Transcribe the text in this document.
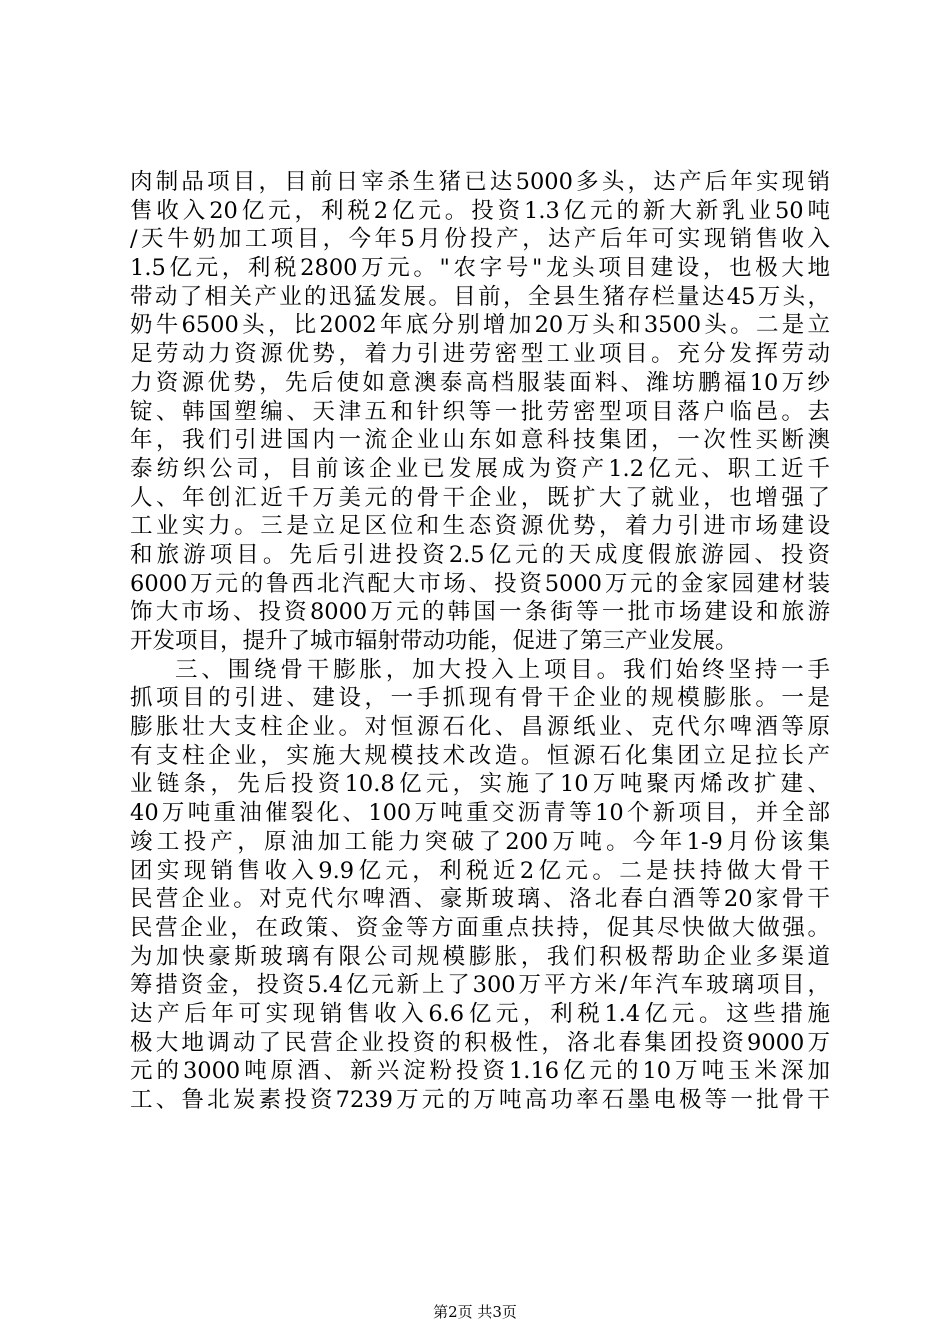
肉制品项目，目前日宰杀生猪已达5000多头，达产后年实现销
售收入20亿元，利税2亿元。投资1.3亿元的新大新乳业50吨
/天牛奶加工项目，今年5月份投产，达产后年可实现销售收入
1.5亿元，利税2800万元。"农字号"龙头项目建设，也极大地
带动了相关产业的迅猛发展。目前，全县生猪存栏量达45万头，
奶牛6500头，比2002年底分别增加20万头和3500头。二是立
足劳动力资源优势，着力引进劳密型工业项目。充分发挥劳动
力资源优势，先后使如意澳泰高档服装面料、潍坊鹏福10万纱
锭、韩国塑编、天津五和针织等一批劳密型项目落户临邑。去
年，我们引进国内一流企业山东如意科技集团，一次性买断澳
泰纺织公司，目前该企业已发展成为资产1.2亿元、职工近千
人、年创汇近千万美元的骨干企业，既扩大了就业，也增强了
工业实力。三是立足区位和生态资源优势，着力引进市场建设
和旅游项目。先后引进投资2.5亿元的天成度假旅游园、投资
6000万元的鲁西北汽配大市场、投资5000万元的金家园建材装
饰大市场、投资8000万元的韩国一条街等一批市场建设和旅游
开发项目，提升了城市辐射带动功能，促进了第三产业发展。
三、围绕骨干膨胀，加大投入上项目。我们始终坚持一手
抓项目的引进、建设，一手抓现有骨干企业的规模膨胀。一是
膨胀壮大支柱企业。对恒源石化、昌源纸业、克代尔啤酒等原
有支柱企业，实施大规模技术改造。恒源石化集团立足拉长产
业链条，先后投资10.8亿元，实施了10万吨聚丙烯改扩建、
40万吨重油催裂化、100万吨重交沥青等10个新项目，并全部
竣工投产，原油加工能力突破了200万吨。今年1-9月份该集
团实现销售收入9.9亿元，利税近2亿元。二是扶持做大骨干
民营企业。对克代尔啤酒、豪斯玻璃、洛北春白酒等20家骨干
民营企业，在政策、资金等方面重点扶持，促其尽快做大做强。
为加快豪斯玻璃有限公司规模膨胀，我们积极帮助企业多渠道
筹措资金，投资5.4亿元新上了300万平方米/年汽车玻璃项目，
达产后年可实现销售收入6.6亿元，利税1.4亿元。这些措施
极大地调动了民营企业投资的积极性，洛北春集团投资9000万
元的3000吨原酒、新兴淀粉投资1.16亿元的10万吨玉米深加
工、鲁北炭素投资7239万元的万吨高功率石墨电极等一批骨干
第2页 共3页
